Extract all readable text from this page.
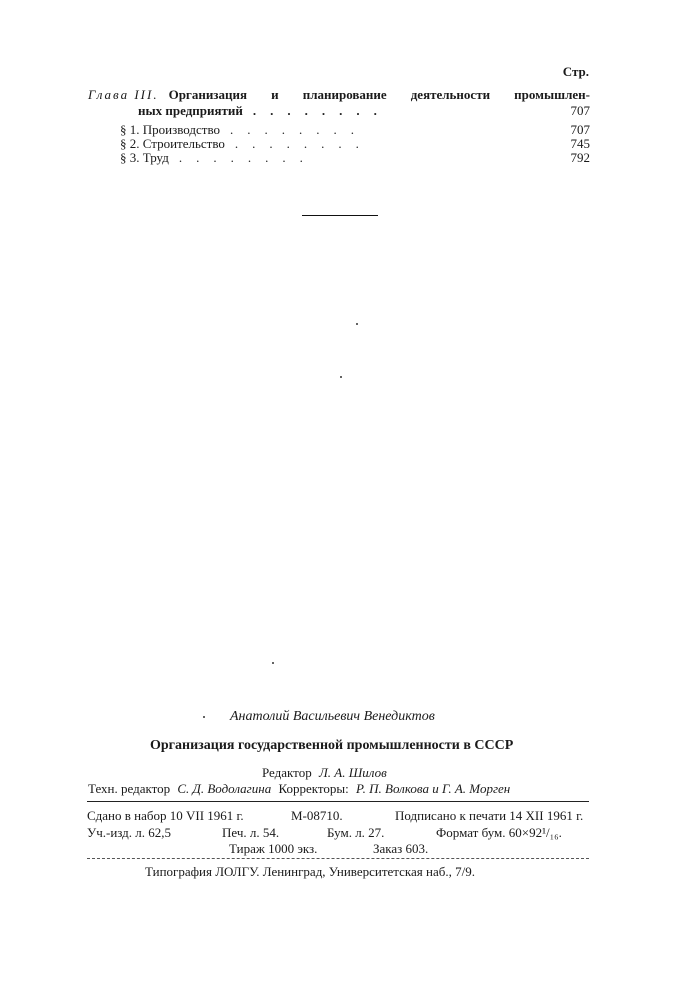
Стр.
Глава III. Организация и планирование деятельности промышлен-
ных предприятий ........	707
§ 1. Производство ........	707
§ 2. Строительство ........	745
§ 3. Труд ........	792
Анатолий Васильевич Венедиктов
Организация государственной промышленности в СССР
Редактор Л. А. Шилов
Техн. редактор С. Д. Водолагина Корректоры: Р. П. Волкова и Г. А. Морген
Сдано в набор 10 VII 1961 г.	М-08710.	Подписано к печати 14 XII 1961 г.
Уч.-изд. л. 62,5	Печ. л. 54.	Бум. л. 27.	Формат бум. 60×92¹/₁₆.
Тираж 1000 экз.	Заказ 603.
Типография ЛОЛГУ. Ленинград, Университетская наб., 7/9.
